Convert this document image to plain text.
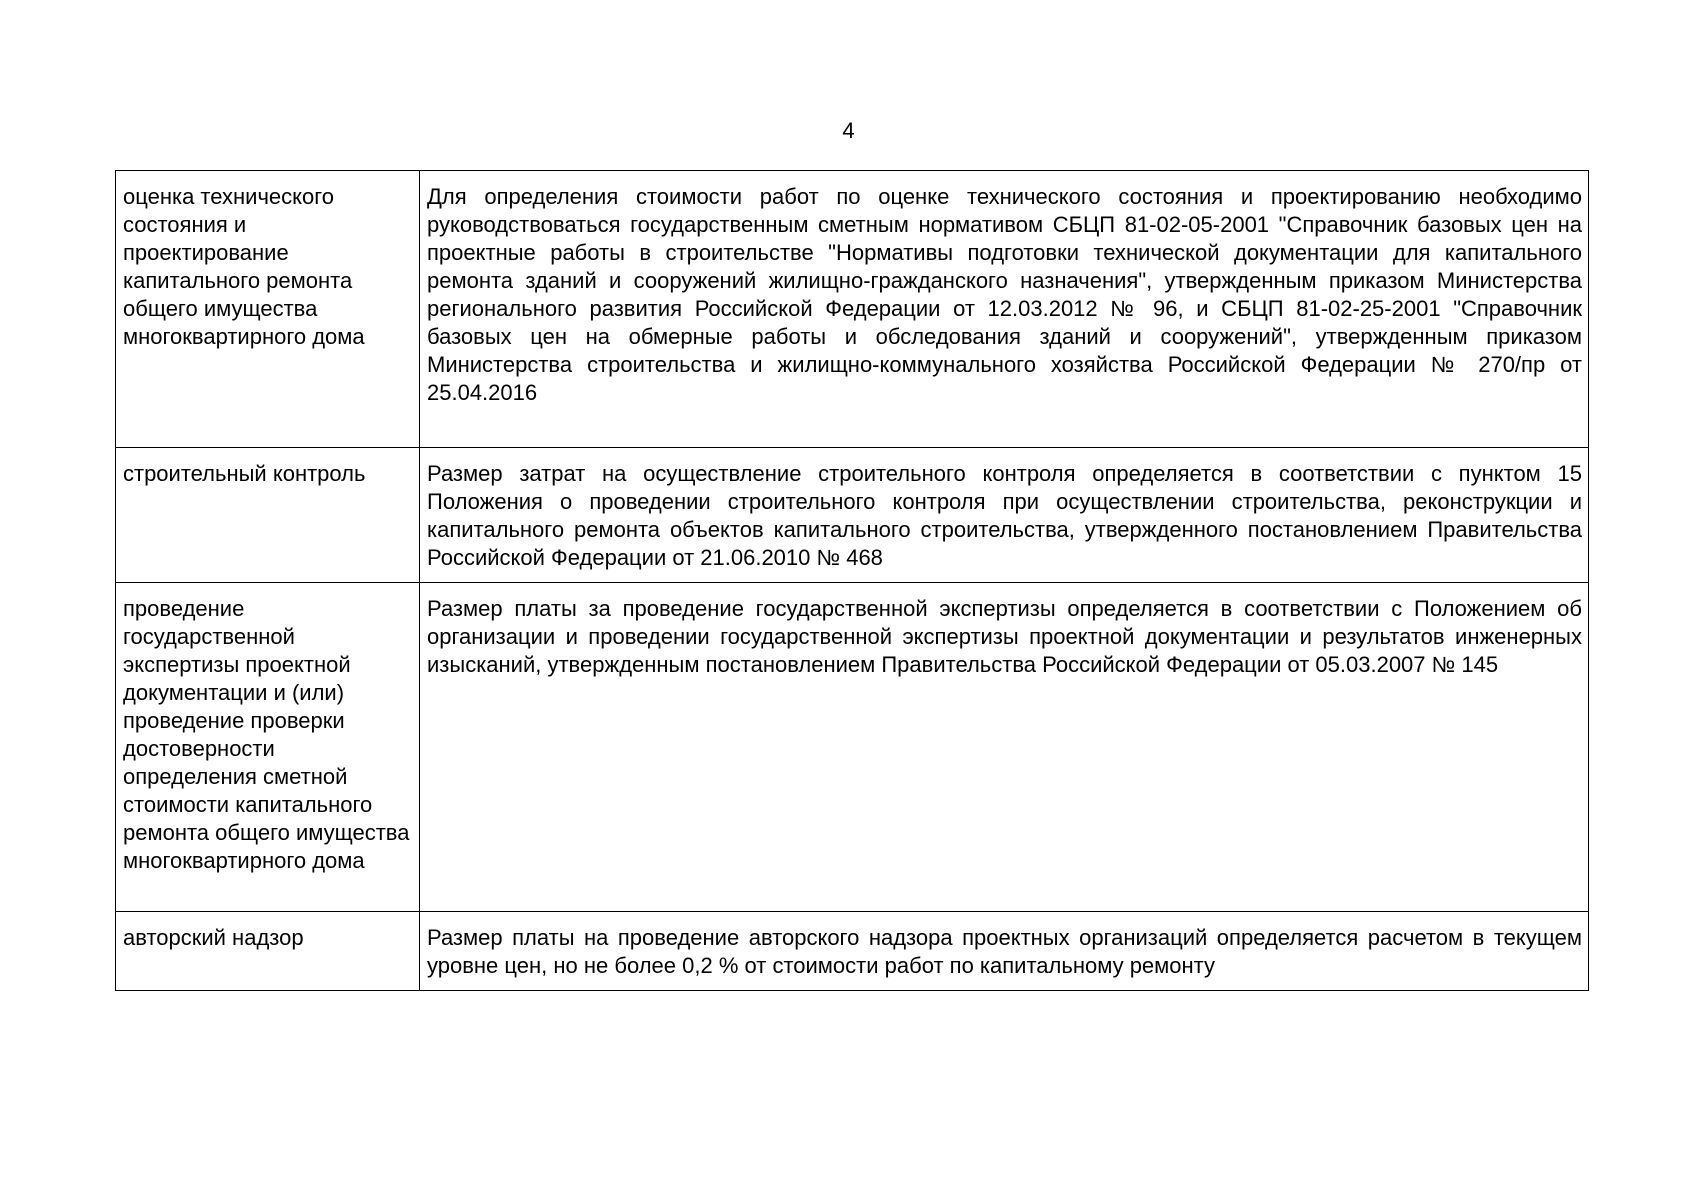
4
оценка технического состояния и проектирование капитального ремонта общего имущества многоквартирного дома	Для определения стоимости работ по оценке технического состояния и проектированию необходимо руководствоваться государственным сметным нормативом СБЦП 81-02-05-2001 "Справочник базовых цен на проектные работы в строительстве "Нормативы подготовки технической документации для капитального ремонта зданий и сооружений жилищно-гражданского назначения", утвержденным приказом Министерства регионального развития Российской Федерации от 12.03.2012 № 96, и СБЦП 81-02-25-2001 "Справочник базовых цен на обмерные работы и обследования зданий и сооружений", утвержденным приказом Министерства строительства и жилищно-коммунального хозяйства Российской Федерации № 270/пр от 25.04.2016
строительный контроль	Размер затрат на осуществление строительного контроля определяется в соответствии с пунктом 15 Положения о проведении строительного контроля при осуществлении строительства, реконструкции и капитального ремонта объектов капитального строительства, утвержденного постановлением Правительства Российской Федерации от 21.06.2010 № 468
проведение государственной экспертизы проектной документации и (или) проведение проверки достоверности определения сметной стоимости капитального ремонта общего имущества многоквартирного дома	Размер платы за проведение государственной экспертизы определяется в соответствии с Положением об организации и проведении государственной экспертизы проектной документации и результатов инженерных изысканий, утвержденным постановлением Правительства Российской Федерации от 05.03.2007 № 145
авторский надзор	Размер платы на проведение авторского надзора проектных организаций определяется расчетом в текущем уровне цен, но не более 0,2 % от стоимости работ по капитальному ремонту
